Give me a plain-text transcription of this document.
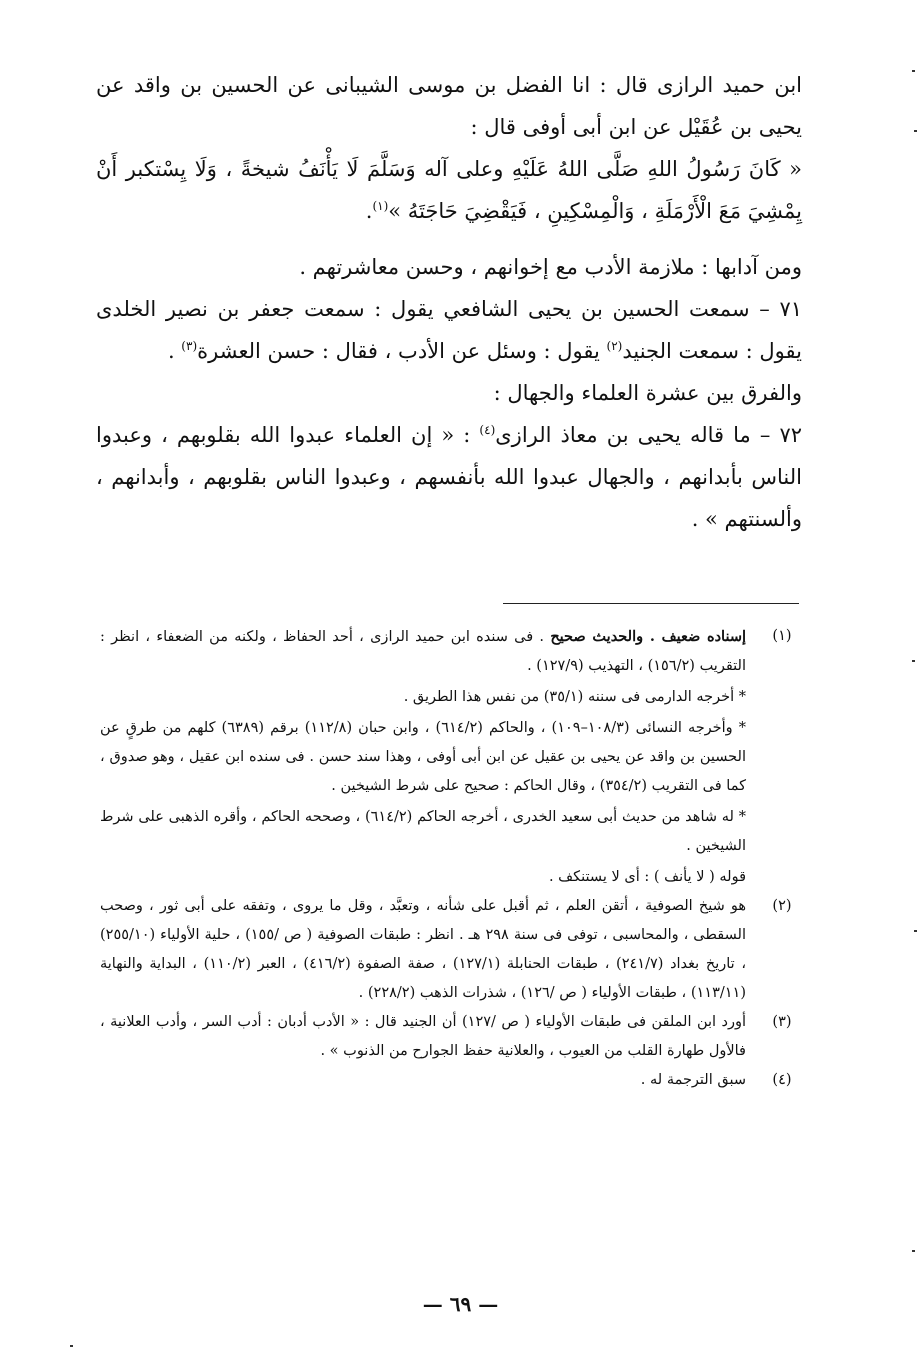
ابن حميد الرازى قال : انا الفضل بن موسى الشيبانى عن الحسين بن واقد عن يحيى بن عُقَيْل عن ابن أبى أوفى قال :

« كَانَ رَسُولُ اللهِ صَلَّى اللهُ عَلَيْهِ وعلى آله وَسَلَّمَ لَا يَأْنَفُ شيخةً ، وَلَا يِسْتكبر أَنْ يِمْشِيَ مَعَ الْأَرْمَلَةِ ، وَالْمِسْكِينِ ، فَيَقْضِيَ حَاجَتَهُ »$^{(١)}$.

ومن آدابها : ملازمة الأدب مع إخوانهم ، وحسن معاشرتهم .

٧١ – سمعت الحسين بن يحيى الشافعي يقول : سمعت جعفر بن نصير الخلدى يقول : سمعت الجنيد$^{(٢)}$ يقول : وسئل عن الأدب ، فقال : حسن العشرة$^{(٣)}$ .

والفرق بين عشرة العلماء والجهال :

٧٢ – ما قاله يحيى بن معاذ الرازى$^{(٤)}$ : « إن العلماء عبدوا الله بقلوبهم ، وعبدوا الناس بأبدانهم ، والجهال عبدوا الله بأنفسهم ، وعبدوا الناس بقلوبهم ، وأبدانهم ، وألسنتهم » .

(١)

إسناده ضعيف . والحديث صحيح . فى سنده ابن حميد الرازى ، أحد الحفاظ ، ولكنه من الضعفاء ، انظر : التقريب (١٥٦/٢) ، التهذيب (١٢٧/٩) .

* أخرجه الدارمى فى سننه (٣٥/١) من نفس هذا الطريق .

* وأخرجه النسائى (١٠٨/٣–١٠٩) ، والحاكم (٦١٤/٢) ، وابن حبان (١١٢/٨) برقم (٦٣٨٩) كلهم من طرقٍ عن الحسين بن واقد عن يحيى بن عقيل عن ابن أبى أوفى ، وهذا سند حسن . فى سنده ابن عقيل ، وهو صدوق ، كما فى التقريب (٣٥٤/٢) ، وقال الحاكم : صحيح على شرط الشيخين .

* له شاهد من حديث أبى سعيد الخدرى ، أخرجه الحاكم (٦١٤/٢) ، وصححه الحاكم ، وأقره الذهبى على شرط الشيخين .

قوله ( لا يأنف ) : أى لا يستنكف .

(٢)

هو شيخ الصوفية ، أتقن العلم ، ثم أقبل على شأنه ، وتعبَّد ، وقل ما يروى ، وتفقه على أبى ثور ، وصحب السقطى ، والمحاسبى ، توفى فى سنة ٢٩٨ هـ . انظر : طبقات الصوفية ( ص /١٥٥) ، حلية الأولياء (٢٥٥/١٠) ، تاريخ بغداد (٢٤١/٧) ، طبقات الحنابلة (١٢٧/١) ، صفة الصفوة (٤١٦/٢) ، العبر (١١٠/٢) ، البداية والنهاية (١١٣/١١) ، طبقات الأولياء ( ص /١٢٦) ، شذرات الذهب (٢٢٨/٢) .

(٣)

أورد ابن الملقن فى طبقات الأولياء ( ص /١٢٧) أن الجنيد قال : « الأدب أدبان : أدب السر ، وأدب العلانية ، فالأول طهارة القلب من العيوب ، والعلانية حفظ الجوارح من الذنوب » .

(٤)

سبق الترجمة له .

— ٦٩ —
